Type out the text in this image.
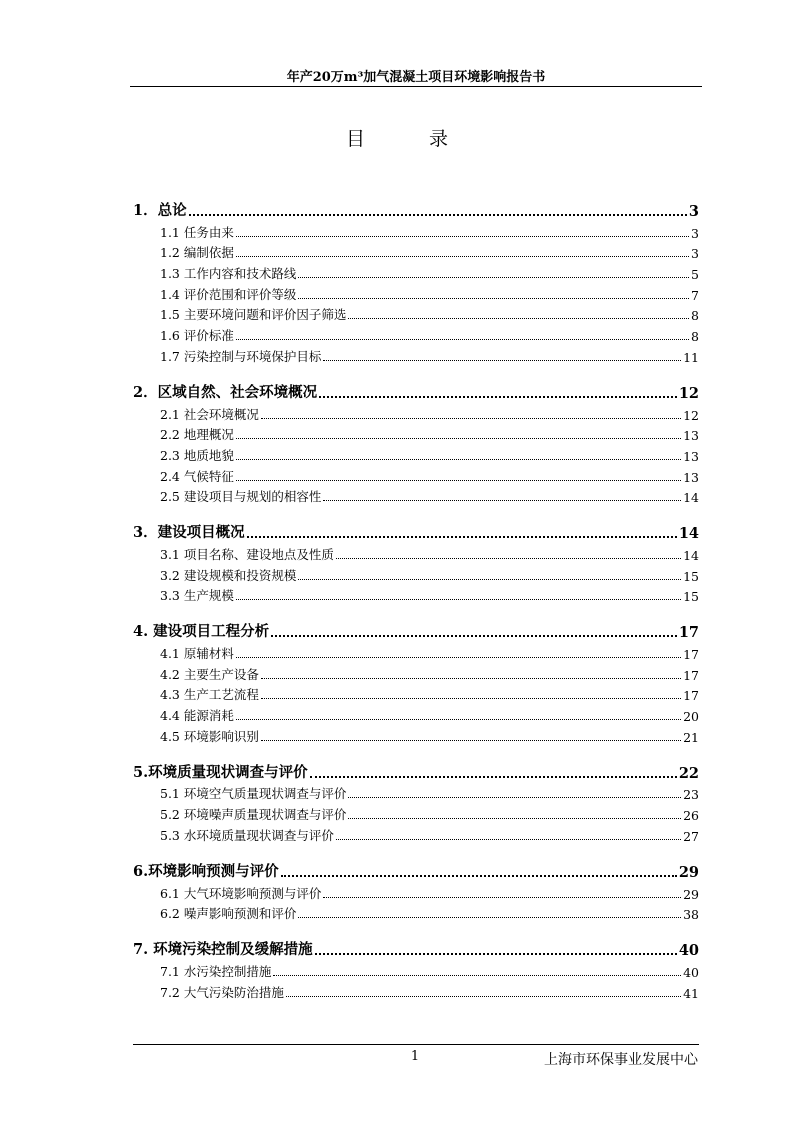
年产20万m³加气混凝土项目环境影响报告书
目	录
1．总论	3
1.1 任务由来	3
1.2 编制依据	3
1.3 工作内容和技术路线	5
1.4 评价范围和评价等级	7
1.5 主要环境问题和评价因子筛选	8
1.6 评价标准	8
1.7 污染控制与环境保护目标	11
2．区域自然、社会环境概况	12
2.1 社会环境概况	12
2.2 地理概况	13
2.3 地质地貌	13
2.4 气候特征	13
2.5 建设项目与规划的相容性	14
3．建设项目概况	14
3.1 项目名称、建设地点及性质	14
3.2 建设规模和投资规模	15
3.3 生产规模	15
4. 建设项目工程分析	17
4.1 原辅材料	17
4.2 主要生产设备	17
4.3 生产工艺流程	17
4.4 能源消耗	20
4.5 环境影响识别	21
5.环境质量现状调查与评价	22
5.1 环境空气质量现状调查与评价	23
5.2 环境噪声质量现状调查与评价	26
5.3 水环境质量现状调查与评价	27
6.环境影响预测与评价	29
6.1 大气环境影响预测与评价	29
6.2 噪声影响预测和评价	38
7. 环境污染控制及缓解措施	40
7.1 水污染控制措施	40
7.2 大气污染防治措施	41
1	上海市环保事业发展中心
